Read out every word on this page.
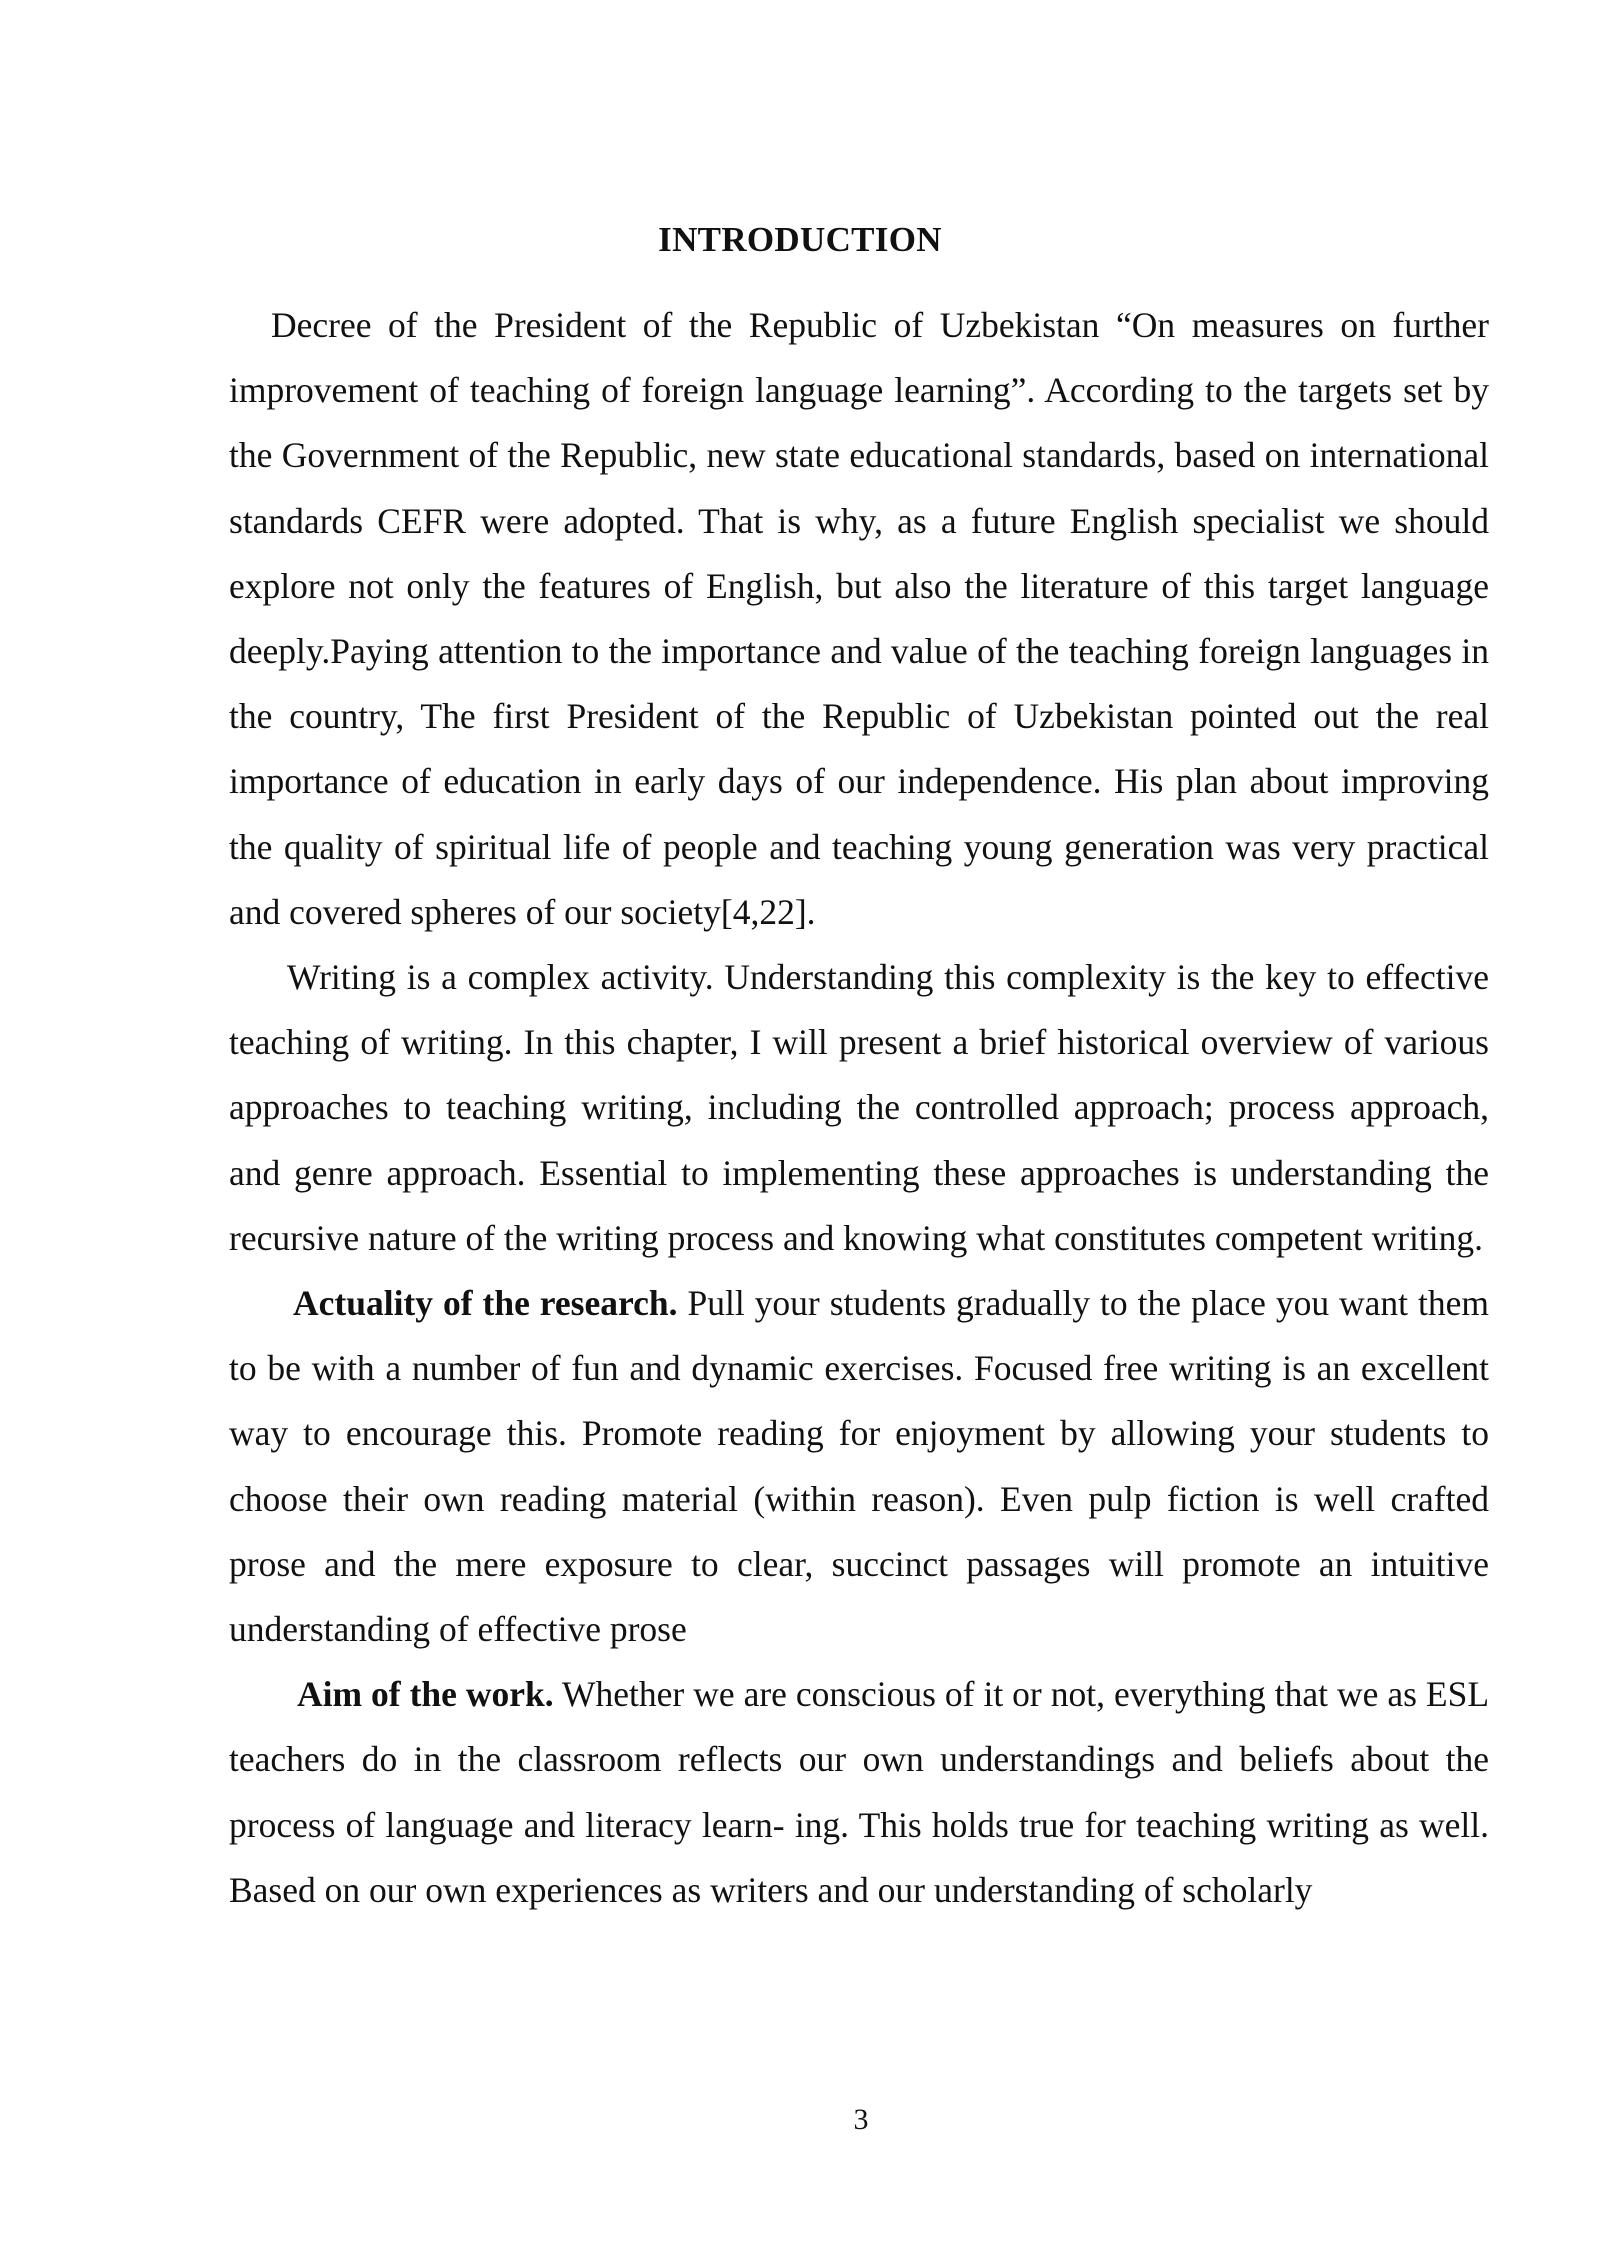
INTRODUCTION

Decree of the President of the Republic of Uzbekistan “On measures on further improvement of teaching of foreign language learning”. According to the targets set by the Government of the Republic, new state educational standards, based on international standards CEFR were adopted. That is why, as a future English specialist we should explore not only the features of English, but also the literature of this target language deeply.Paying attention to the importance and value of the teaching foreign languages in the country, The first President of the Republic of Uzbekistan pointed out the real importance of education in early days of our independence. His plan about improving the quality of spiritual life of people and teaching young generation was very practical and covered spheres of our society[4,22].

Writing is a complex activity. Understanding this complexity is the key to effective teaching of writing. In this chapter, I will present a brief historical overview of various approaches to teaching writing, including the controlled approach; process approach, and genre approach. Essential to implementing these approaches is understanding the recursive nature of the writing process and knowing what constitutes competent writing.

Actuality of the research. Pull your students gradually to the place you want them to be with a number of fun and dynamic exercises. Focused free writing is an excellent way to encourage this. Promote reading for enjoyment by allowing your students to choose their own reading material (within reason). Even pulp fiction is well crafted prose and the mere exposure to clear, succinct passages will promote an intuitive understanding of effective prose

Aim of the work. Whether we are conscious of it or not, everything that we as ESL teachers do in the classroom reflects our own understandings and beliefs about the process of language and literacy learn- ing. This holds true for teaching writing as well. Based on our own experiences as writers and our understanding of scholarly

3
